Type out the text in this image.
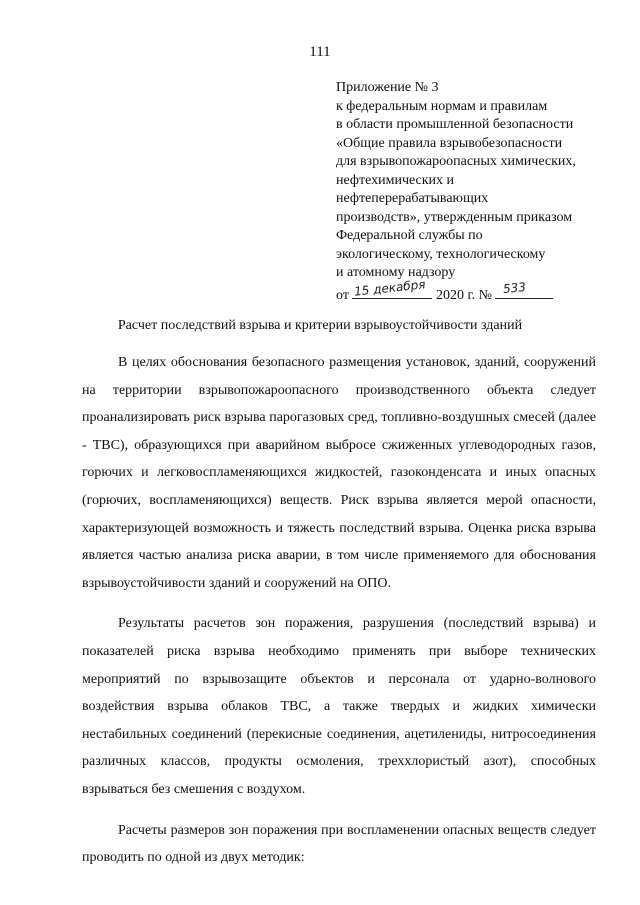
111
Приложение № 3
к федеральным нормам и правилам
в области промышленной безопасности
«Общие правила взрывобезопасности
для взрывопожароопасных химических,
нефтехимических и
нефтеперерабатывающих
производств», утвержденным приказом
Федеральной службы по
экологическому, технологическому
и атомному надзору
от 15 декабря 2020 г. № 533
Расчет последствий взрыва и критерии взрывоустойчивости зданий

В целях обоснования безопасного размещения установок, зданий, сооружений на территории взрывопожароопасного производственного объекта следует проанализировать риск взрыва парогазовых сред, топливно-воздушных смесей (далее - ТВС), образующихся при аварийном выбросе сжиженных углеводородных газов, горючих и легковоспламеняющихся жидкостей, газоконденсата и иных опасных (горючих, воспламеняющихся) веществ. Риск взрыва является мерой опасности, характеризующей возможность и тяжесть последствий взрыва. Оценка риска взрыва является частью анализа риска аварии, в том числе применяемого для обоснования взрывоустойчивости зданий и сооружений на ОПО.

Результаты расчетов зон поражения, разрушения (последствий взрыва) и показателей риска взрыва необходимо применять при выборе технических мероприятий по взрывозащите объектов и персонала от ударно-волнового воздействия взрыва облаков ТВС, а также твердых и жидких химически нестабильных соединений (перекисные соединения, ацетилениды, нитросоединения различных классов, продукты осмоления, треххлористый азот), способных взрываться без смешения с воздухом.

Расчеты размеров зон поражения при воспламенении опасных веществ следует проводить по одной из двух методик:
